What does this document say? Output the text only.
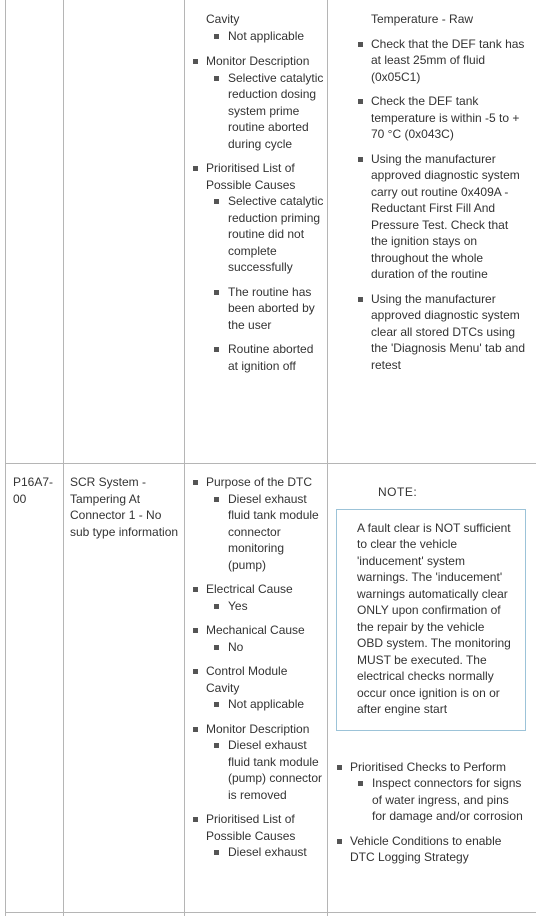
Cavity
Not applicable
Monitor Description
Selective catalytic reduction dosing system prime routine aborted during cycle
Prioritised List of Possible Causes
Selective catalytic reduction priming routine did not complete successfully
The routine has been aborted by the user
Routine aborted at ignition off
Temperature - Raw
Check that the DEF tank has at least 25mm of fluid (0x05C1)
Check the DEF tank temperature is within -5 to + 70 °C (0x043C)
Using the manufacturer approved diagnostic system carry out routine 0x409A - Reductant First Fill And Pressure Test. Check that the ignition stays on throughout the whole duration of the routine
Using the manufacturer approved diagnostic system clear all stored DTCs using the 'Diagnosis Menu' tab and retest
P16A7-00
SCR System - Tampering At Connector 1 - No sub type information
Purpose of the DTC
Diesel exhaust fluid tank module connector monitoring (pump)
Electrical Cause
Yes
Mechanical Cause
No
Control Module Cavity
Not applicable
Monitor Description
Diesel exhaust fluid tank module (pump) connector is removed
Prioritised List of Possible Causes
Diesel exhaust
NOTE:
A fault clear is NOT sufficient to clear the vehicle 'inducement' system warnings. The 'inducement' warnings automatically clear ONLY upon confirmation of the repair by the vehicle OBD system. The monitoring MUST be executed. The electrical checks normally occur once ignition is on or after engine start
Prioritised Checks to Perform
Inspect connectors for signs of water ingress, and pins for damage and/or corrosion
Vehicle Conditions to enable DTC Logging Strategy
